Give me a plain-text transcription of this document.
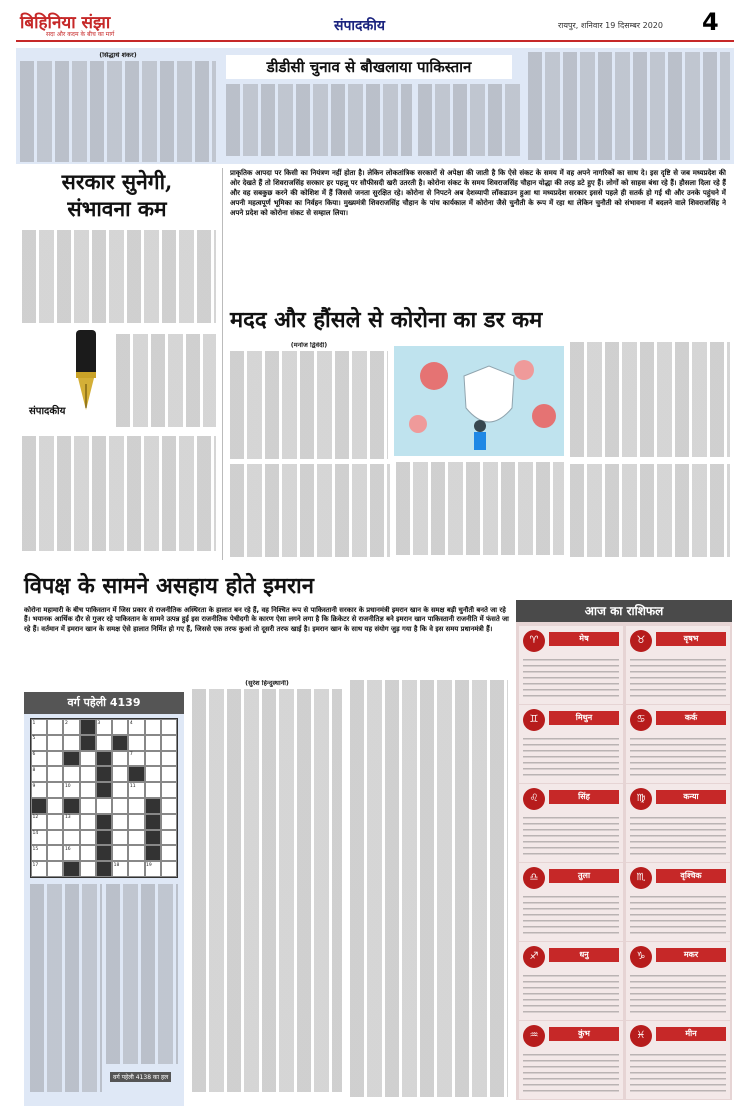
बिहिनिया संझा
सदा और कदम के बीच का मार्ग
संपादकीय	रायपुर, शनिवार 19 दिसम्बर 2020 4
(सिद्धार्थ शंकर)
डीडीसी चुनाव से बौखलाया पाकिस्तान
सरकार सुनेगी,
संभावना कम
संपादकीय
प्राकृतिक आपदा पर किसी का नियंत्रण नहीं होता है। लेकिन लोकतांत्रिक सरकारों से अपेक्षा की जाती है कि ऐसे संकट के समय में वह अपने नागरिकों का साथ दे। इस दृष्टि से जब मध्यप्रदेश की ओर देखते हैं तो शिवराजसिंह सरकार हर पहलू पर सौफीसदी खरी उतरती है। कोरोना संकट के समय शिवराजसिंह चौहान योद्धा की तरह डटे हुए हैं। लोगों को साहस बंधा रहे हैं। हौसला दिला रहे हैं और वह सबकुछ करने की कोशिश में हैं जिससे जनता सुरक्षित रहे। कोरोना से निपटने अब देशव्यापी लॉकडाउन हुआ था मध्यप्रदेश सरकार इससे पहले ही सतर्क हो गई थी और उनके पहुंचने में अपनी महत्वपूर्ण भूमिका का निर्वहन किया। मुख्यमंत्री शिवराजसिंह चौहान के पांच कार्यकाल में कोरोना जैसे चुनौती के रूप में रहा था लेकिन चुनौती को संभावना में बदलने वाले शिवराजसिंह ने अपने प्रदेश को कोरोना संकट से सम्हाल लिया।
मदद और हौंसले से कोरोना का डर कम
(मनोज द्विवेदी)
विपक्ष के सामने असहाय होते इमरान
कोरोना महामारी के बीच पाकिस्तान में जिस प्रकार से राजनीतिक अस्थिरता के हालात बन रहे हैं, वह निश्चित रूप से पाकिस्तानी सरकार के प्रधानमंत्री इमरान खान के समक्ष बड़ी चुनौती बनते जा रहे हैं। भयानक आर्थिक दौर से गुजर रहे पाकिस्तान के सामने उत्पन्न हुई इस राजनीतिक पेचीदगी के कारण ऐसा लगने लगा है कि क्रिकेटर से राजनीतिज्ञ बने इमरान खान पाकिस्तानी राजनीति में फंसते जा रहे हैं। वर्तमान में इमरान खान के समक्ष ऐसे हालात निर्मित हो गए हैं, जिससे एक तरफ कुआं तो दूसरी तरफ खाई है। इमरान खान के साथ यह संयोग जुड़ गया है कि वे इस समय प्रधानमंत्री हैं।
वर्ग पहेली 4139
1	2	3	4
5
6	7
8
9	10	11
12	13
14
15	16
17	18	19
वर्ग पहेली 4138 का हल
(सुरेश हिन्दुस्थानी)
आज का राशिफल
♈	मेष	♉	वृषभ
♊	मिथुन	♋	कर्क
♌	सिंह	♍	कन्या
♎	तुला	♏	वृश्चिक
♐	धनु	♑	मकर
♒	कुंभ	♓	मीन
